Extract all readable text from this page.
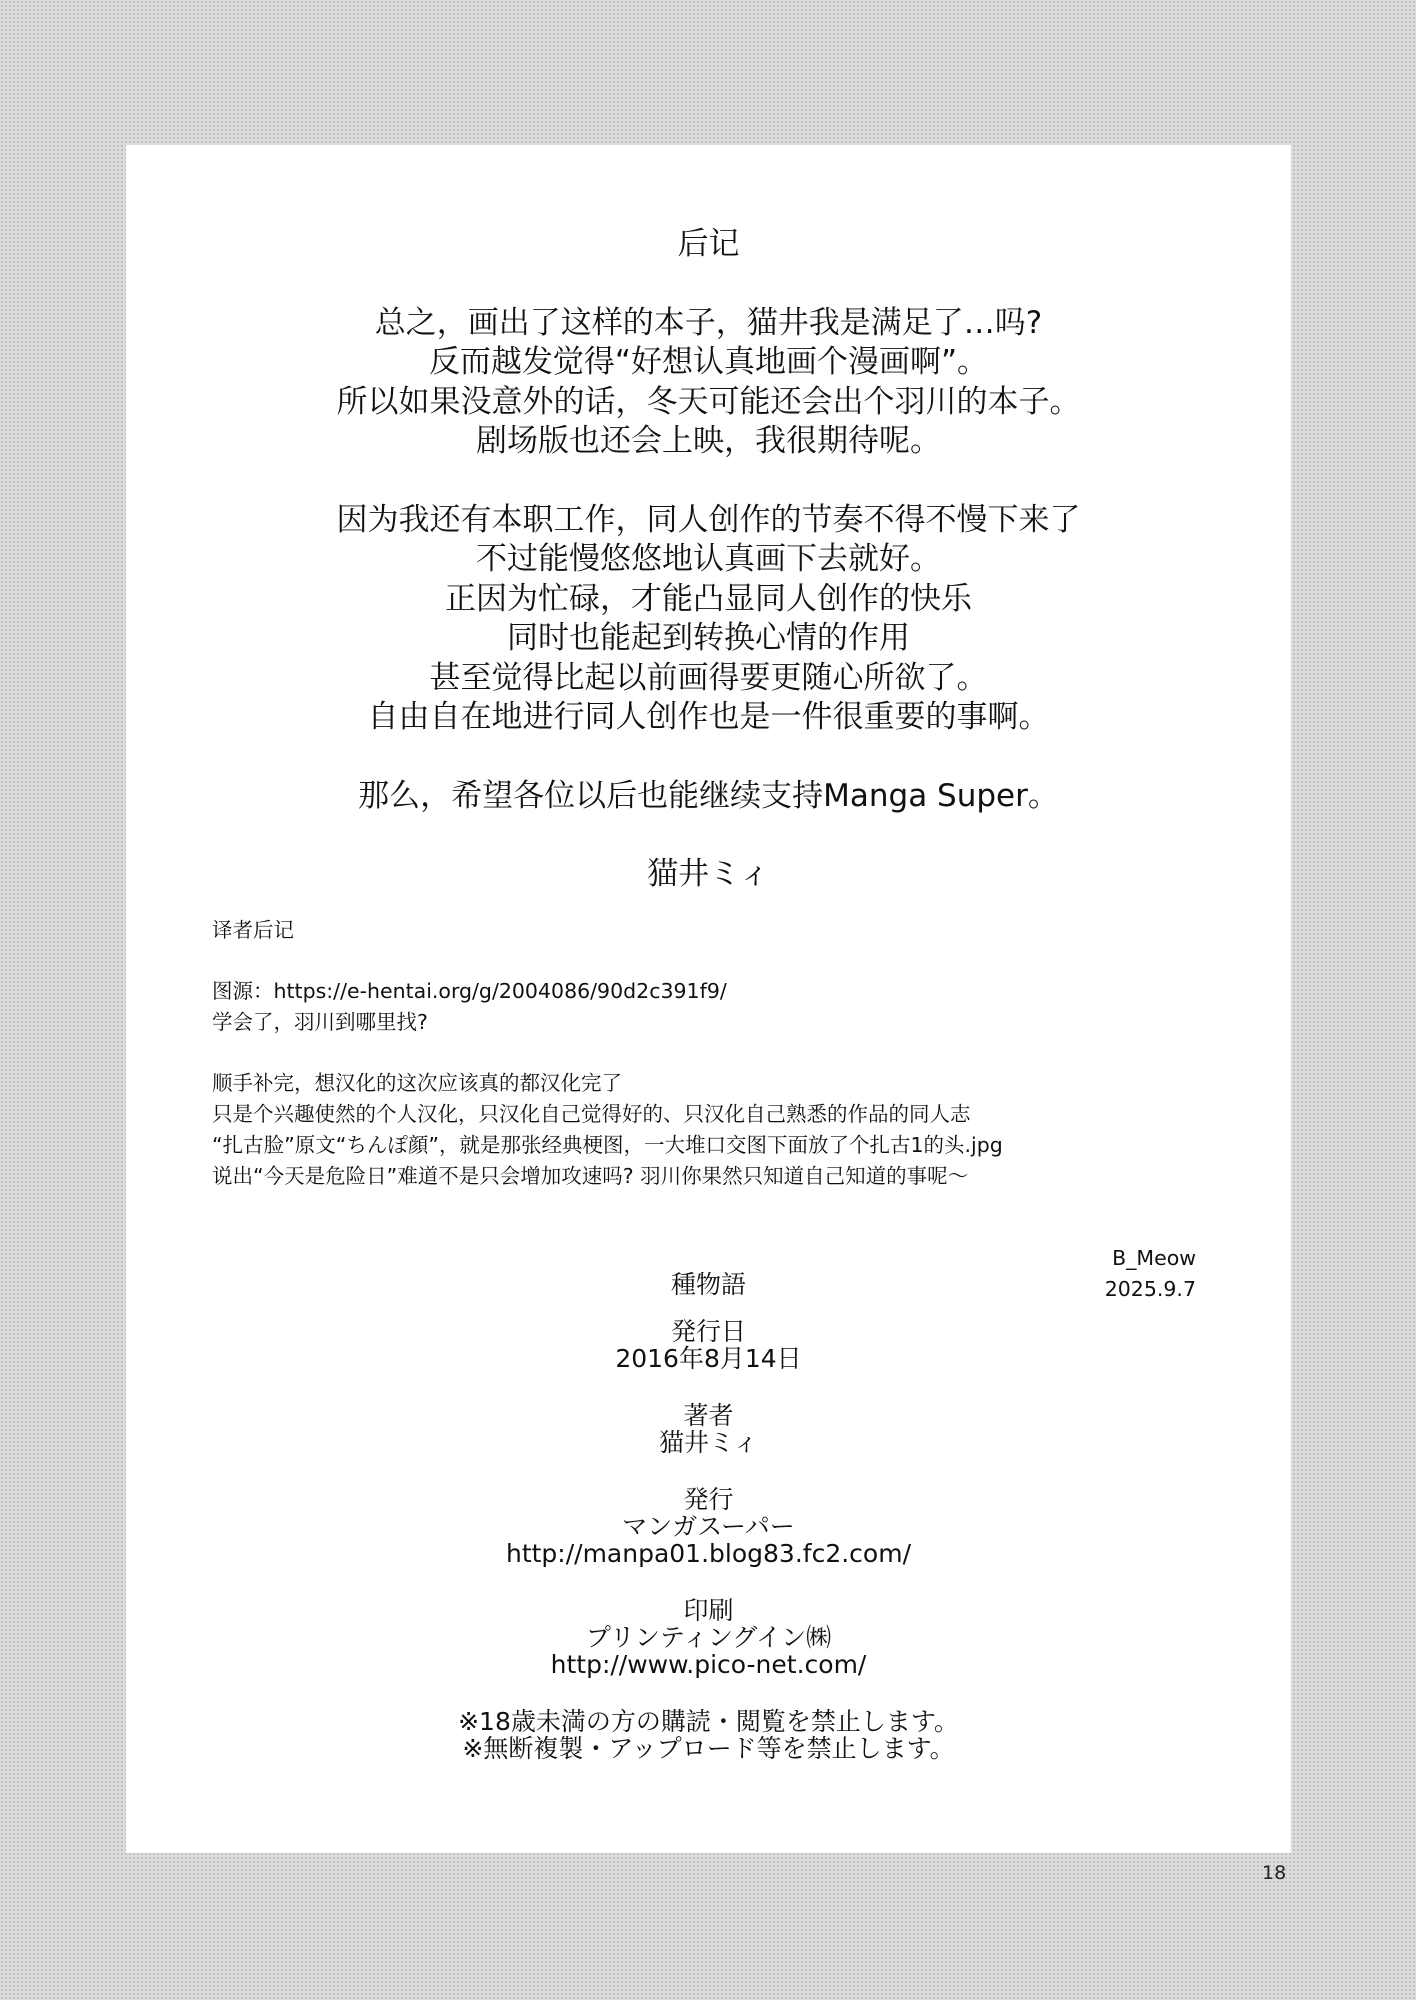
后记
总之，画出了这样的本子，猫井我是满足了…吗?
反而越发觉得“好想认真地画个漫画啊”。
所以如果没意外的话，冬天可能还会出个羽川的本子。
剧场版也还会上映，我很期待呢。
因为我还有本职工作，同人创作的节奏不得不慢下来了
不过能慢悠悠地认真画下去就好。
正因为忙碌，才能凸显同人创作的快乐
同时也能起到转换心情的作用
甚至觉得比起以前画得要更随心所欲了。
自由自在地进行同人创作也是一件很重要的事啊。
那么，希望各位以后也能继续支持Manga Super。
猫井ミィ
译者后记
图源：https://e-hentai.org/g/2004086/90d2c391f9/
学会了，羽川到哪里找?
顺手补完，想汉化的这次应该真的都汉化完了
只是个兴趣使然的个人汉化，只汉化自己觉得好的、只汉化自己熟悉的作品的同人志
“扎古脸”原文“ちんぽ顔”，就是那张经典梗图，一大堆口交图下面放了个扎古1的头.jpg
说出“今天是危险日”难道不是只会增加攻速吗? 羽川你果然只知道自己知道的事呢～
B_Meow
2025.9.7
種物語
発行日
2016年8月14日
著者
猫井ミィ
発行
マンガスーパー
http://manpa01.blog83.fc2.com/
印刷
プリンティングイン㈱
http://www.pico-net.com/
※18歳未満の方の購読・閲覧を禁止します。
※無断複製・アップロード等を禁止します。
18
